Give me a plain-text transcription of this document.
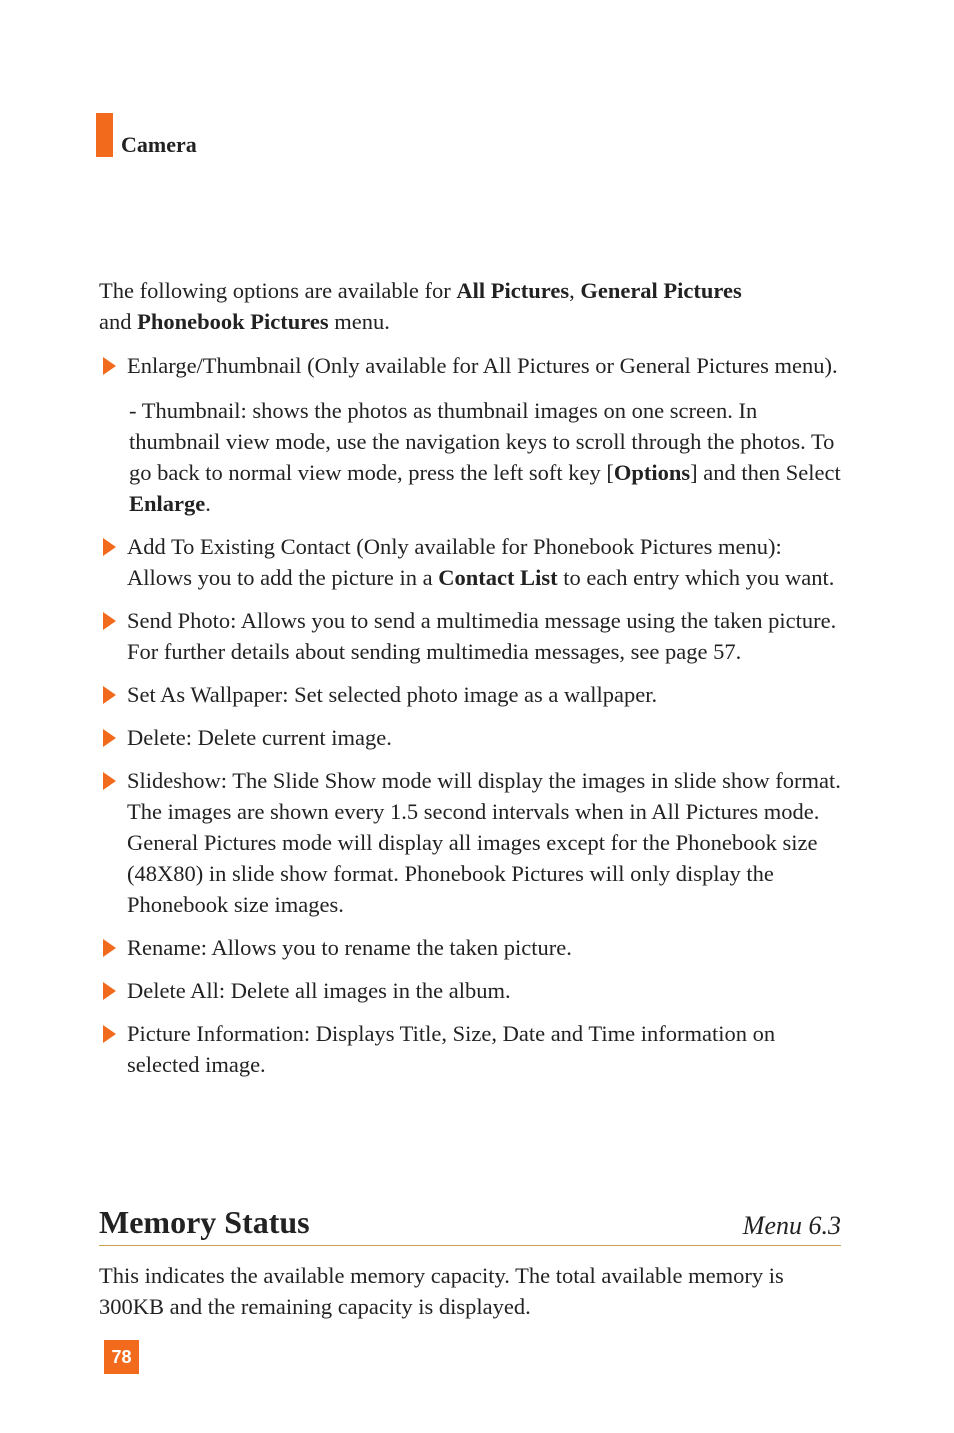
Camera

The following options are available for All Pictures, General Pictures
and Phonebook Pictures menu.

Enlarge/Thumbnail (Only available for All Pictures or General Pictures menu).
- Thumbnail: shows the photos as thumbnail images on one screen. In thumbnail view mode, use the navigation keys to scroll through the photos. To go back to normal view mode, press the left soft key [Options] and then Select Enlarge.
Add To Existing Contact (Only available for Phonebook Pictures menu): Allows you to add the picture in a Contact List to each entry which you want.
Send Photo: Allows you to send a multimedia message using the taken picture. For further details about sending multimedia messages, see page 57.
Set As Wallpaper: Set selected photo image as a wallpaper.
Delete: Delete current image.
Slideshow: The Slide Show mode will display the images in slide show format. The images are shown every 1.5 second intervals when in All Pictures mode. General Pictures mode will display all images except for the Phonebook size (48X80) in slide show format. Phonebook Pictures will only display the Phonebook size images.
Rename: Allows you to rename the taken picture.
Delete All: Delete all images in the album.
Picture Information: Displays Title, Size, Date and Time information on selected image.
Memory Status	Menu 6.3

This indicates the available memory capacity. The total available memory is 300KB and the remaining capacity is displayed.

78
